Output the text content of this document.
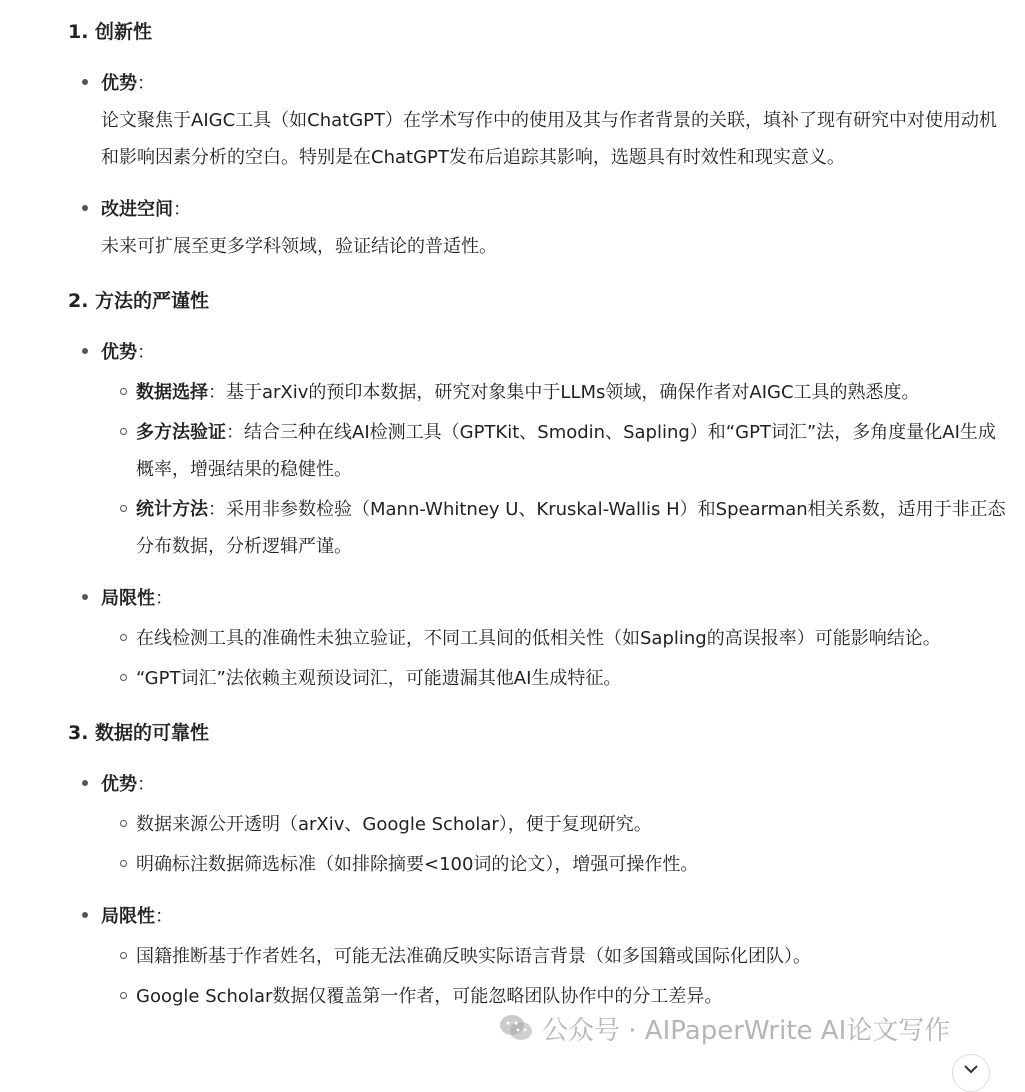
1. 创新性
优势：
论文聚焦于AIGC工具（如ChatGPT）在学术写作中的使用及其与作者背景的关联，填补了现有研究中对使用动机和影响因素分析的空白。特别是在ChatGPT发布后追踪其影响，选题具有时效性和现实意义。
改进空间：
未来可扩展至更多学科领域，验证结论的普适性。
2. 方法的严谨性
优势：
数据选择：基于arXiv的预印本数据，研究对象集中于LLMs领域，确保作者对AIGC工具的熟悉度。
多方法验证：结合三种在线AI检测工具（GPTKit、Smodin、Sapling）和“GPT词汇”法，多角度量化AI生成概率，增强结果的稳健性。
统计方法：采用非参数检验（Mann-Whitney U、Kruskal-Wallis H）和Spearman相关系数，适用于非正态分布数据，分析逻辑严谨。
局限性：
在线检测工具的准确性未独立验证，不同工具间的低相关性（如Sapling的高误报率）可能影响结论。
“GPT词汇”法依赖主观预设词汇，可能遗漏其他AI生成特征。
3. 数据的可靠性
优势：
数据来源公开透明（arXiv、Google Scholar），便于复现研究。
明确标注数据筛选标准（如排除摘要<100词的论文），增强可操作性。
局限性：
国籍推断基于作者姓名，可能无法准确反映实际语言背景（如多国籍或国际化团队）。
Google Scholar数据仅覆盖第一作者，可能忽略团队协作中的分工差异。
公众号 · AIPaperWrite AI论文写作
